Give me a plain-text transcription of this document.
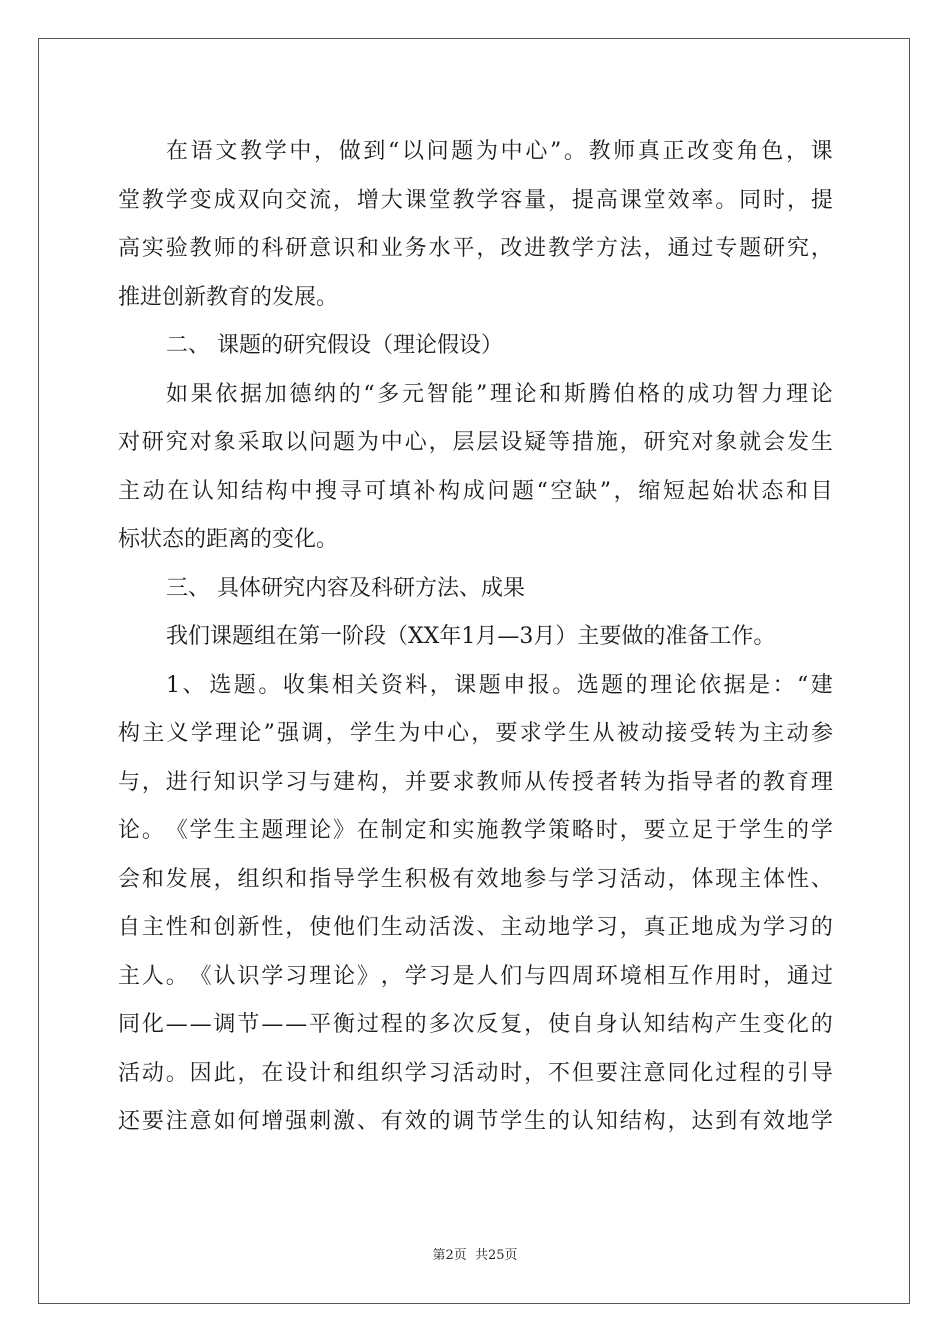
在 语 文 教 学 中 ， 做 到 “ 以 问 题 为 中 心 ” 。 教 师 真 正 改 变 角 色 ， 课
堂 教 学 变 成 双 向 交 流 ， 增 大 课 堂 教 学 容 量 ， 提 高 课 堂 效 率 。 同 时 ， 提
高 实 验 教 师 的 科 研 意 识 和 业 务 水 平 ， 改 进 教 学 方 法 ， 通 过 专 题 研 究 ，
推进创新教育的发展。
二、 课题的研究假设（理论假设）
如 果 依 据 加 德 纳 的 “ 多 元 智 能 ” 理 论 和 斯 腾 伯 格 的 成 功 智 力 理 论
对 研 究 对 象 采 取 以 问 题 为 中 心 ， 层 层 设 疑 等 措 施 ， 研 究 对 象 就 会 发 生
主 动 在 认 知 结 构 中 搜 寻 可 填 补 构 成 问 题 “ 空 缺 ” ， 缩 短 起 始 状 态 和 目
标状态的距离的变化。
三、 具体研究内容及科研方法、成果
我们课题组在第一阶段（XX年1月—3月）主要做的准备工作。
1 、 选 题 。 收 集 相 关 资 料 ， 课 题 申 报 。 选 题 的 理 论 依 据 是 ： “ 建
构 主 义 学 理 论 ” 强 调 ， 学 生 为 中 心 ， 要 求 学 生 从 被 动 接 受 转 为 主 动 参
与 ， 进 行 知 识 学 习 与 建 构 ， 并 要 求 教 师 从 传 授 者 转 为 指 导 者 的 教 育 理
论 。 《 学 生 主 题 理 论 》 在 制 定 和 实 施 教 学 策 略 时 ， 要 立 足 于 学 生 的 学
会 和 发 展 ， 组 织 和 指 导 学 生 积 极 有 效 地 参 与 学 习 活 动 ， 体 现 主 体 性 、
自 主 性 和 创 新 性 ， 使 他 们 生 动 活 泼 、 主 动 地 学 习 ， 真 正 地 成 为 学 习 的
主 人 。 《 认 识 学 习 理 论 》 ， 学 习 是 人 们 与 四 周 环 境 相 互 作 用 时 ， 通 过
同 化 — — 调 节 — — 平 衡 过 程 的 多 次 反 复 ， 使 自 身 认 知 结 构 产 生 变 化 的
活 动 。 因 此 ， 在 设 计 和 组 织 学 习 活 动 时 ， 不 但 要 注 意 同 化 过 程 的 引 导
还 要 注 意 如 何 增 强 刺 激 、 有 效 的 调 节 学 生 的 认 知 结 构 ， 达 到 有 效 地 学
第2页 共25页
